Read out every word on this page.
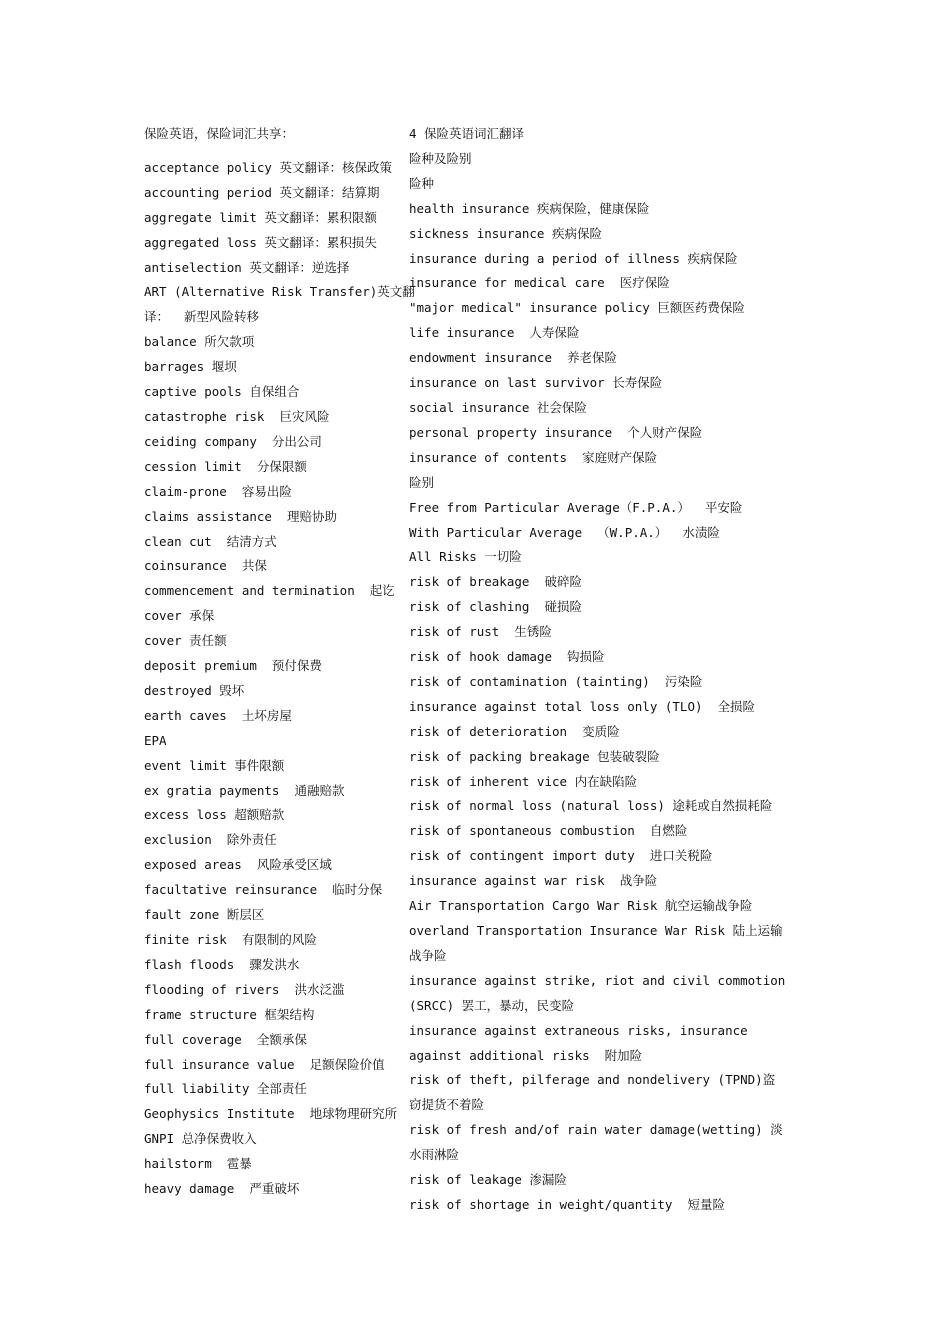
保险英语，保险词汇共享：
acceptance policy 英文翻译：核保政策
accounting period 英文翻译：结算期
aggregate limit 英文翻译：累积限额
aggregated loss 英文翻译：累积损失
antiselection 英文翻译：逆选择
ART (Alternative Risk Transfer)英文翻
译：  新型风险转移
balance 所欠款项
barrages 堰坝
captive pools 自保组合
catastrophe risk  巨灾风险
ceiding company  分出公司
cession limit  分保限额
claim-prone  容易出险
claims assistance  理赔协助
clean cut  结清方式
coinsurance  共保
commencement and termination  起讫
cover 承保
cover 责任额
deposit premium  预付保费
destroyed 毁坏
earth caves  土坏房屋
EPA
event limit 事件限额
ex gratia payments  通融赔款
excess loss 超额赔款
exclusion  除外责任
exposed areas  风险承受区域
facultative reinsurance  临时分保
fault zone 断层区
finite risk  有限制的风险
flash floods  骤发洪水
flooding of rivers  洪水泛滥
frame structure 框架结构
full coverage  全额承保
full insurance value  足额保险价值
full liability 全部责任
Geophysics Institute  地球物理研究所
GNPI 总净保费收入
hailstorm  雹暴
heavy damage  严重破坏
4 保险英语词汇翻译
险种及险别
险种
health insurance 疾病保险，健康保险
sickness insurance 疾病保险
insurance during a period of illness 疾病保险
insurance for medical care  医疗保险
"major medical" insurance policy 巨额医药费保险
life insurance  人寿保险
endowment insurance  养老保险
insurance on last survivor 长寿保险
social insurance 社会保险
personal property insurance  个人财产保险
insurance of contents  家庭财产保险
险别
Free from Particular Average（F.P.A.）  平安险
With Particular Average  （W.P.A.）  水渍险
All Risks 一切险
risk of breakage  破碎险
risk of clashing  碰损险
risk of rust  生锈险
risk of hook damage  钩损险
risk of contamination (tainting)  污染险
insurance against total loss only (TLO)  全损险
risk of deterioration  变质险
risk of packing breakage 包装破裂险
risk of inherent vice 内在缺陷险
risk of normal loss (natural loss) 途耗或自然损耗险
risk of spontaneous combustion  自燃险
risk of contingent import duty  进口关税险
insurance against war risk  战争险
Air Transportation Cargo War Risk 航空运输战争险
overland Transportation Insurance War Risk 陆上运输
战争险
insurance against strike, riot and civil commotion
(SRCC) 罢工，暴动，民变险
insurance against extraneous risks, insurance
against additional risks  附加险
risk of theft, pilferage and nondelivery (TPND)盗
窃提货不着险
risk of fresh and/of rain water damage(wetting) 淡
水雨淋险
risk of leakage 渗漏险
risk of shortage in weight/quantity  短量险
